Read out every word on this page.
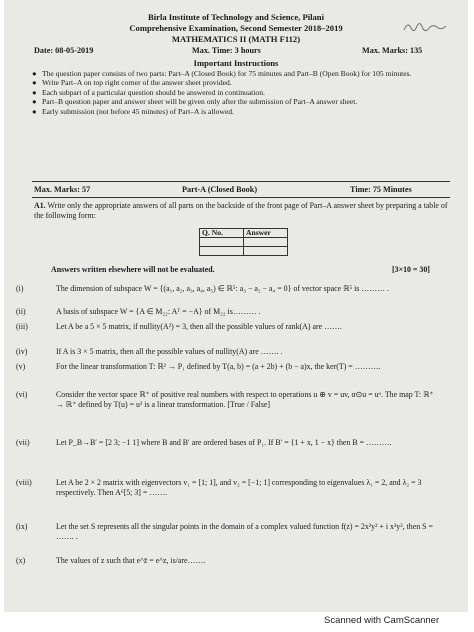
Birla Institute of Technology and Science, Pilani
Comprehensive Examination, Second Semester 2018–2019
MATHEMATICS II (MATH F112)
Date: 08-05-2019	Max. Time: 3 hours	Max. Marks: 135
Important Instructions
● The question paper consists of two parts: Part–A (Closed Book) for 75 minutes and Part–B (Open Book) for 105 minutes.
● Write Part–A on top right corner of the answer sheet provided.
● Each subpart of a particular question should be answered in continuation.
● Part–B question paper and answer sheet will be given only after the submission of Part–A answer sheet.
● Early submission (not before 45 minutes) of Part–A is allowed.
Max. Marks: 57	Part-A (Closed Book)	Time: 75 Minutes
A1. Write only the appropriate answers of all parts on the backside of the front page of Part–A answer sheet by preparing a table of the following form:
Q. No.	Answer

Answers written elsewhere will not be evaluated.	[3×10 = 30]
(i)	The dimension of subspace W = {(a₁, a₂, a₃, a₄, a₅) ∈ ℝ⁵: a₃ − a₂ − a₄ = 0} of vector space ℝ⁵ is ……… .
(ii)	A basis of subspace W = {A ∈ M₂₂: Aᵀ = −A} of M₂₂ is……… .
(iii)	Let A be a 5 × 5 matrix, if nullity(A²) = 3, then all the possible values of rank(A) are …….
(iv)	If A is 3 × 5 matrix, then all the possible values of nullity(A) are ……. .
(v)	For the linear transformation T: ℝ² → P₁ defined by T(a, b) = (a + 2b) + (b − a)x, the ker(T) = ……….
(vi)	Consider the vector space ℝ⁺ of positive real numbers with respect to operations u ⊕ v = uv, α⊙u = uᵅ. The map T: ℝ⁺ → ℝ⁺ defined by T(u) = u² is a linear transformation. [True / False]
(vii)	Let P_B→B′ = [2 3; −1 1] where B and B′ are ordered bases of P₁. If B′ = {1 + x, 1 − x} then B = ……….
(viii)	Let A be 2 × 2 matrix with eigenvectors v₁ = [1; 1], and v₂ = [−1; 1] corresponding to eigenvalues λ₁ = 2, and λ₂ = 3 respectively. Then A⁶[5; 3] = …….
(ix)	Let the set S represents all the singular points in the domain of a complex valued function f(z) = 2x²y² + i x²y², then S = ……. .
(x)	The values of z such that e^z̄ = e^z, is/are…….
Scanned with CamScanner
